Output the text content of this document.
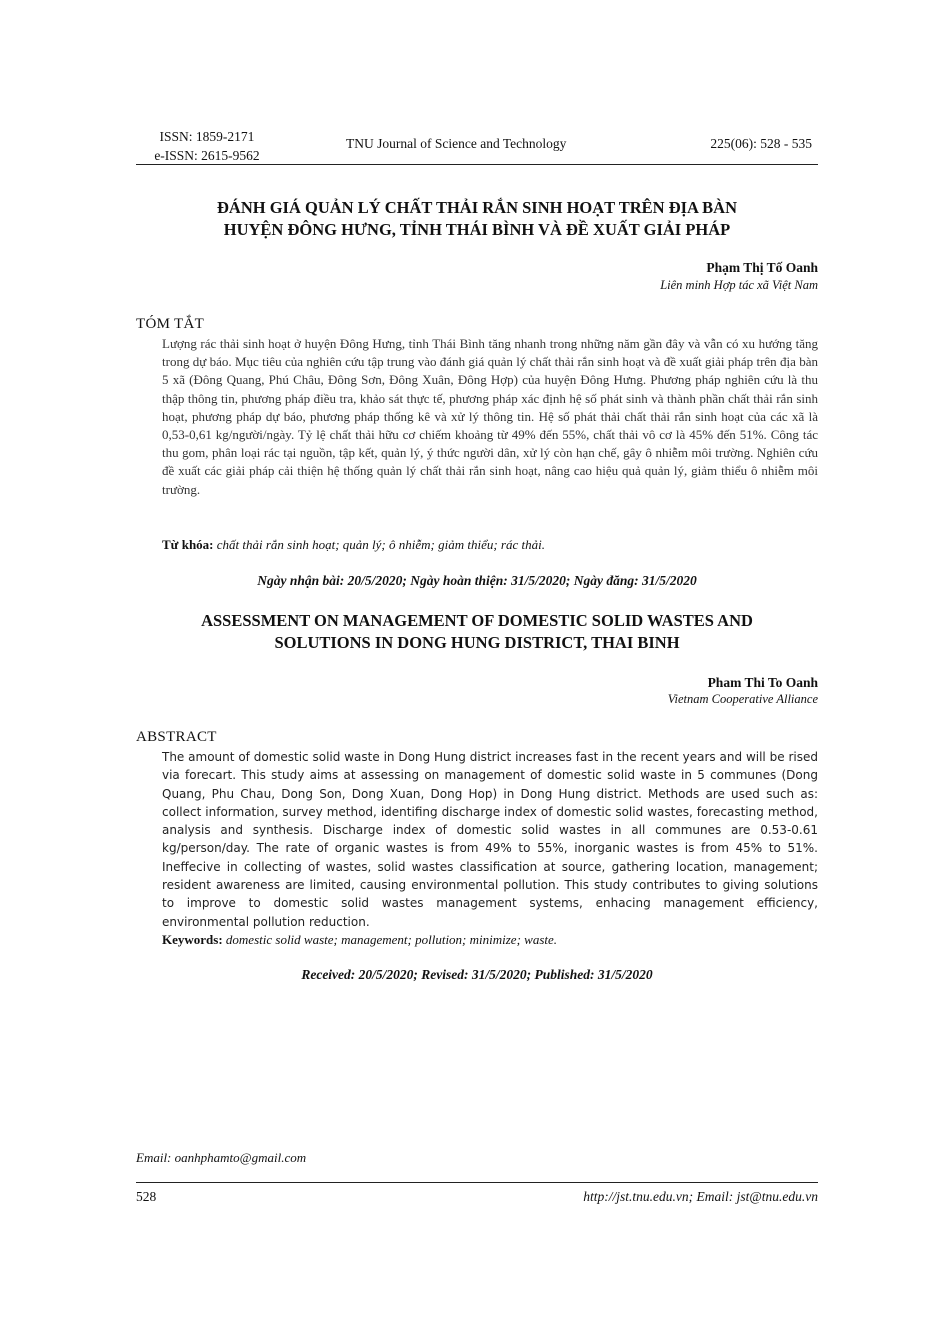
ISSN: 1859-2171
e-ISSN: 2615-9562
TNU Journal of Science and Technology	225(06): 528 - 535
ĐÁNH GIÁ QUẢN LÝ CHẤT THẢI RẮN SINH HOẠT TRÊN ĐỊA BÀN
HUYỆN ĐÔNG HƯNG, TỈNH THÁI BÌNH VÀ ĐỀ XUẤT GIẢI PHÁP
Phạm Thị Tố Oanh
Liên minh Hợp tác xã Việt Nam
TÓM TẮT
Lượng rác thải sinh hoạt ở huyện Đông Hưng, tỉnh Thái Bình tăng nhanh trong những năm gần đây và vẫn có xu hướng tăng trong dự báo. Mục tiêu của nghiên cứu tập trung vào đánh giá quản lý chất thải rắn sinh hoạt và đề xuất giải pháp trên địa bàn 5 xã (Đông Quang, Phú Châu, Đông Sơn, Đông Xuân, Đông Hợp) của huyện Đông Hưng. Phương pháp nghiên cứu là thu thập thông tin, phương pháp điều tra, khảo sát thực tế, phương pháp xác định hệ số phát sinh và thành phần chất thải rắn sinh hoạt, phương pháp dự báo, phương pháp thống kê và xử lý thông tin. Hệ số phát thải chất thải rắn sinh hoạt của các xã là 0,53-0,61 kg/người/ngày. Tỷ lệ chất thải hữu cơ chiếm khoảng từ 49% đến 55%, chất thải vô cơ là 45% đến 51%. Công tác thu gom, phân loại rác tại nguồn, tập kết, quản lý, ý thức người dân, xử lý còn hạn chế, gây ô nhiễm môi trường. Nghiên cứu đề xuất các giải pháp cải thiện hệ thống quản lý chất thải rắn sinh hoạt, nâng cao hiệu quả quản lý, giảm thiểu ô nhiễm môi trường.
Từ khóa: chất thải rắn sinh hoạt; quản lý; ô nhiễm; giảm thiểu; rác thải.
Ngày nhận bài: 20/5/2020; Ngày hoàn thiện: 31/5/2020; Ngày đăng: 31/5/2020
ASSESSMENT ON MANAGEMENT OF DOMESTIC SOLID WASTES AND
SOLUTIONS IN DONG HUNG DISTRICT, THAI BINH
Pham Thi To Oanh
Vietnam Cooperative Alliance
ABSTRACT
The amount of domestic solid waste in Dong Hung district increases fast in the recent years and will be rised via forecart. This study aims at assessing on management of domestic solid waste in 5 communes (Dong Quang, Phu Chau, Dong Son, Dong Xuan, Dong Hop) in Dong Hung district. Methods are used such as: collect information, survey method, identifing discharge index of domestic solid wastes, forecasting method, analysis and synthesis. Discharge index of domestic solid wastes in all communes are 0.53-0.61 kg/person/day. The rate of organic wastes is from 49% to 55%, inorganic wastes is from 45% to 51%. Ineffecive in collecting of wastes, solid wastes classification at source, gathering location, management; resident awareness are limited, causing environmental pollution. This study contributes to giving solutions to improve to domestic solid wastes management systems, enhacing management efficiency, environmental pollution reduction.
Keywords: domestic solid waste; management; pollution; minimize; waste.
Received: 20/5/2020; Revised: 31/5/2020; Published: 31/5/2020
Email: oanhphamto@gmail.com
528	http://jst.tnu.edu.vn; Email: jst@tnu.edu.vn
